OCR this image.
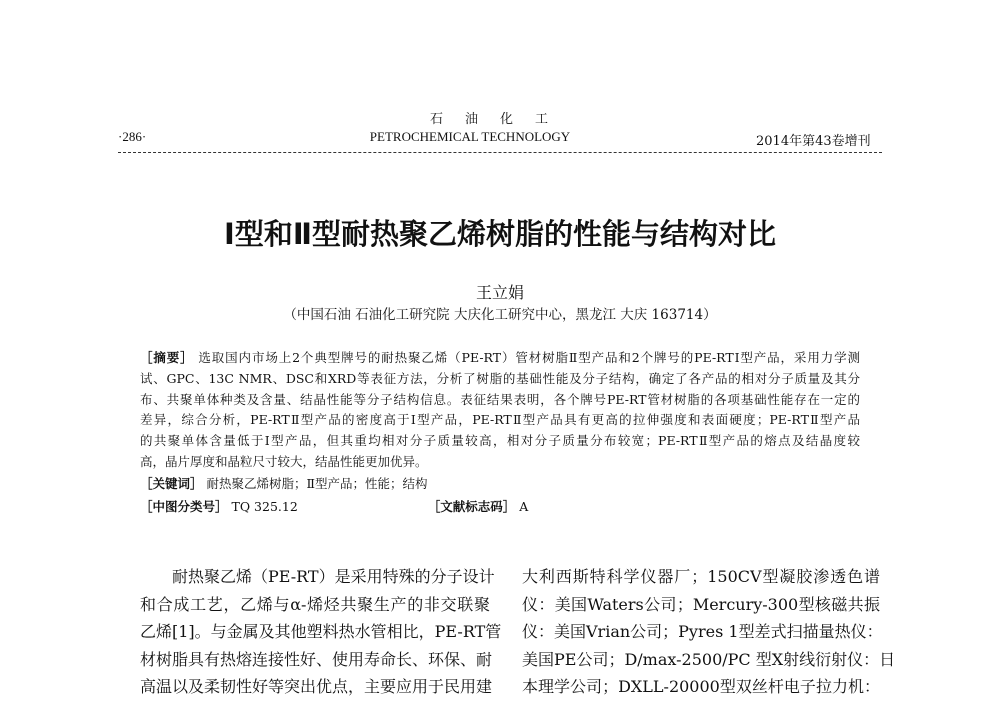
石油化工
·286·	PETROCHEMICAL TECHNOLOGY	2014年第43卷增刊
Ⅰ型和Ⅱ型耐热聚乙烯树脂的性能与结构对比
王立娟
（中国石油 石油化工研究院 大庆化工研究中心，黑龙江 大庆 163714）
［摘要］ 选取国内市场上2个典型牌号的耐热聚乙烯（PE-RT）管材树脂Ⅱ型产品和2个牌号的PE-RTⅠ型产品，采用力学测
试、GPC、13C NMR、DSC和XRD等表征方法，分析了树脂的基础性能及分子结构，确定了各产品的相对分子质量及其分
布、共聚单体种类及含量、结晶性能等分子结构信息。表征结果表明，各个牌号PE-RT管材树脂的各项基础性能存在一定的
差异，综合分析，PE-RTⅡ型产品的密度高于Ⅰ型产品，PE-RTⅡ型产品具有更高的拉伸强度和表面硬度；PE-RTⅡ型产品
的共聚单体含量低于Ⅰ型产品，但其重均相对分子质量较高，相对分子质量分布较宽；PE-RTⅡ型产品的熔点及结晶度较
高，晶片厚度和晶粒尺寸较大，结晶性能更加优异。
［关键词］ 耐热聚乙烯树脂；Ⅱ型产品；性能；结构
［中图分类号］ TQ 325.12	［文献标志码］ A
　　耐热聚乙烯（PE-RT）是采用特殊的分子设计
和合成工艺，乙烯与α-烯烃共聚生产的非交联聚
乙烯[1]。与金属及其他塑料热水管相比，PE-RT管
材树脂具有热熔连接性好、使用寿命长、环保、耐
高温以及柔韧性好等突出优点，主要应用于民用建
大利西斯特科学仪器厂；150CV型凝胶渗透色谱
仪：美国Waters公司；Mercury-300型核磁共振
仪：美国Vrian公司；Pyres 1型差式扫描量热仪：
美国PE公司；D/max-2500/PC 型X射线衍射仪：日
本理学公司；DXLL-20000型双丝杆电子拉力机：
